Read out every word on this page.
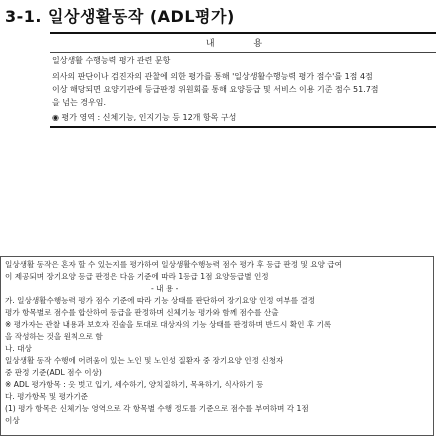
3-1. 일상생활동작 (ADL평가)
내 용
일상생활 수행능력 평가 관련 문항
의사의 판단이나 검진자의 관찰에 의한 평가를 통해 '일상생활수행능력 평가 점수'를 1점 4점
이상 해당되면 요양기관에 등급판정 위원회를 통해 요양등급 및 서비스 이용 기준 점수 51.7점
을 넘는 경우임.
◉ 평가 영역 : 신체기능, 인지기능 등 12개 항목 구성
일상생활 동작은 혼자 할 수 있는지를 평가하여 일상생활수행능력 점수 평가 후 등급 판정 및 요양 급여
이 제공되며 장기요양 등급 판정은 다음 기준에 따라 1등급 1점 요양등급별 인정
- 내 용 -
가. 일상생활수행능력 평가 점수 기준에 따라 기능 상태를 판단하여 장기요양 인정 여부를 결정
평가 항목별로 점수를 합산하여 등급을 판정하며 신체기능 평가와 함께 점수를 산출
※ 평가자는 관찰 내용과 보호자 진술을 토대로 대상자의 기능 상태를 판정하며 반드시 확인 후 기록
을 작성하는 것을 원칙으로 함
나. 대상
일상생활 동작 수행에 어려움이 있는 노인 및 노인성 질환자 중 장기요양 인정 신청자
중 판정 기준(ADL 점수 이상)
※ ADL 평가항목 : 옷 벗고 입기, 세수하기, 양치질하기, 목욕하기, 식사하기 등
다. 평가항목 및 평가기준
(1) 평가 항목은 신체기능 영역으로 각 항목별 수행 정도를 기준으로 점수를 부여하며 각 1점
이상
